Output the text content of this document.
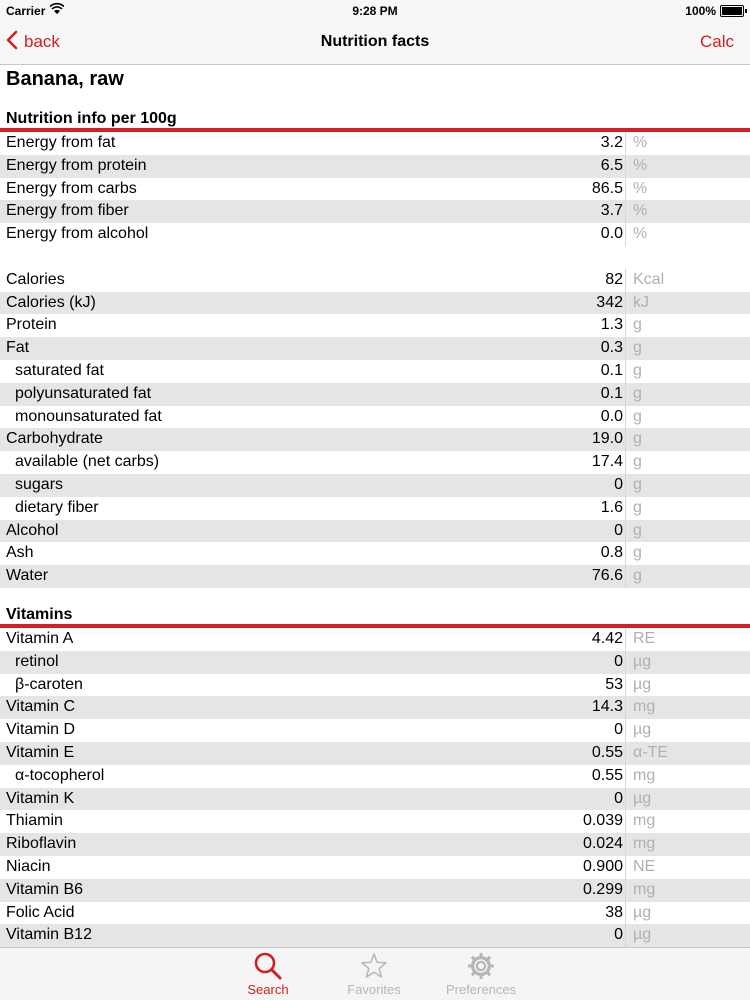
Carrier	9:28 PM	100%
back	Nutrition facts	Calc
Banana, raw
Nutrition info per 100g
Energy from fat	3.2 %
Energy from protein	6.5 %
Energy from carbs	86.5 %
Energy from fiber	3.7 %
Energy from alcohol	0.0 %
Calories	82 Kcal
Calories (kJ)	342 kJ
Protein	1.3 g
Fat	0.3 g
saturated fat	0.1 g
polyunsaturated fat	0.1 g
monounsaturated fat	0.0 g
Carbohydrate	19.0 g
available (net carbs)	17.4 g
sugars	0 g
dietary fiber	1.6 g
Alcohol	0 g
Ash	0.8 g
Water	76.6 g
Vitamins
Vitamin A	4.42 RE
retinol	0 µg
β-caroten	53 µg
Vitamin C	14.3 mg
Vitamin D	0 µg
Vitamin E	0.55 α-TE
α-tocopherol	0.55 mg
Vitamin K	0 µg
Thiamin	0.039 mg
Riboflavin	0.024 mg
Niacin	0.900 NE
Vitamin B6	0.299 mg
Folic Acid	38 µg
Vitamin B12	0 µg
Search	Favorites	Preferences
